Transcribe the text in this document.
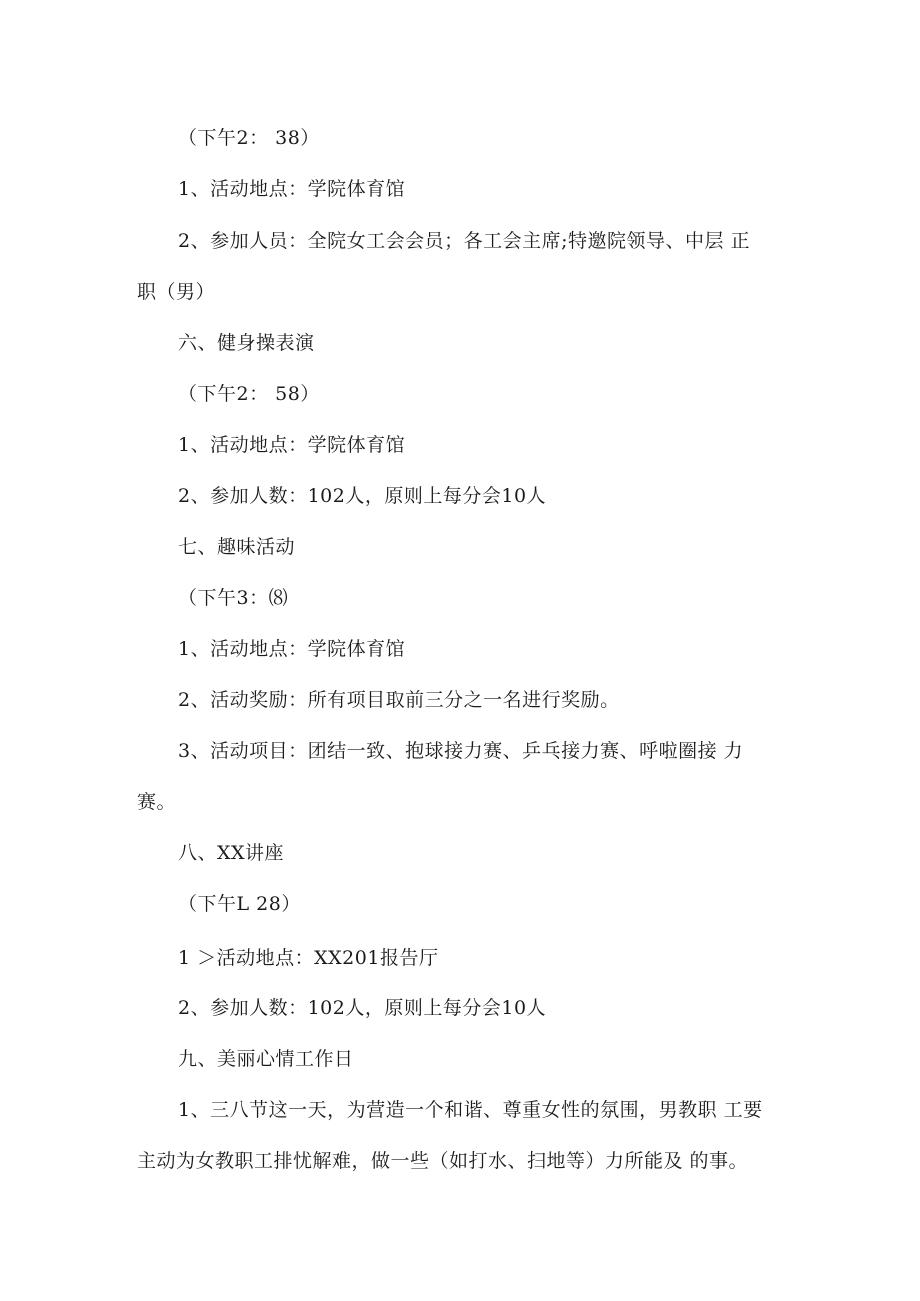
（下午2： 38）
1、活动地点：学院体育馆
2、参加人员：全院女工会会员；各工会主席;特邀院领导、中层 正
职（男）
六、健身操表演
（下午2： 58）
1、活动地点：学院体育馆
2、参加人数：102人，原则上每分会10人
七、趣味活动
（下午3：⑻
1、活动地点：学院体育馆
2、活动奖励：所有项目取前三分之一名进行奖励。
3、活动项目：团结一致、抱球接力赛、乒乓接力赛、呼啦圈接 力
赛。
八、XX讲座
（下午L 28）
1 ＞活动地点：XX201报告厅
2、参加人数：102人，原则上每分会10人
九、美丽心情工作日
1、三八节这一天，为营造一个和谐、尊重女性的氛围，男教职 工要
主动为女教职工排忧解难，做一些（如打水、扫地等）力所能及 的事。
